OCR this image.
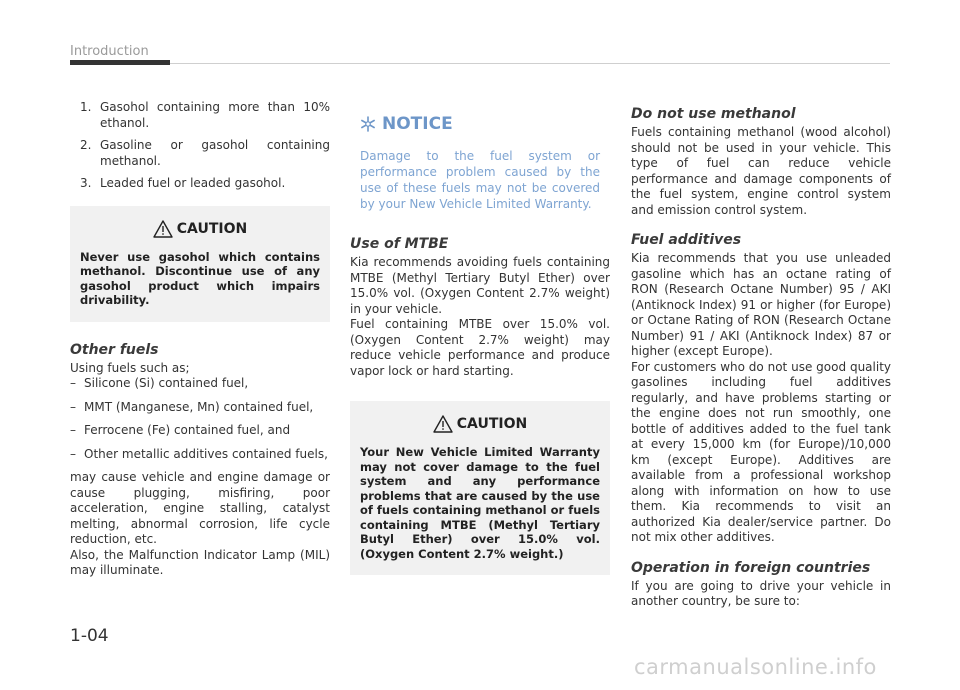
Introduction
1. Gasohol containing more than 10% ethanol.
2. Gasoline or gasohol containing methanol.
3. Leaded fuel or leaded gasohol.
CAUTION
Never use gasohol which contains methanol. Discontinue use of any gasohol product which impairs drivability.
Other fuels
Using fuels such as;
– Silicone (Si) contained fuel,
– MMT (Manganese, Mn) contained fuel,
– Ferrocene (Fe) contained fuel, and
– Other metallic additives contained fuels,

may cause vehicle and engine damage or cause plugging, misfiring, poor acceleration, engine stalling, catalyst melting, abnormal corrosion, life cycle reduction, etc.

Also, the Malfunction Indicator Lamp (MIL) may illuminate.

NOTICE
Damage to the fuel system or performance problem caused by the use of these fuels may not be covered by your New Vehicle Limited Warranty.
Use of MTBE

Kia recommends avoiding fuels containing MTBE (Methyl Tertiary Butyl Ether) over 15.0% vol. (Oxygen Content 2.7% weight) in your vehicle.

Fuel containing MTBE over 15.0% vol. (Oxygen Content 2.7% weight) may reduce vehicle performance and produce vapor lock or hard starting.

CAUTION
Your New Vehicle Limited Warranty may not cover damage to the fuel system and any performance problems that are caused by the use of fuels containing methanol or fuels containing MTBE (Methyl Tertiary Butyl Ether) over 15.0% vol. (Oxygen Content 2.7% weight.)
Do not use methanol
Fuels containing methanol (wood alcohol) should not be used in your vehicle. This type of fuel can reduce vehicle performance and damage components of the fuel system, engine control system and emission control system.
Fuel additives

Kia recommends that you use unleaded gasoline which has an octane rating of RON (Research Octane Number) 95 / AKI (Antiknock Index) 91 or higher (for Europe) or Octane Rating of RON (Research Octane Number) 91 / AKI (Antiknock Index) 87 or higher (except Europe).

For customers who do not use good quality gasolines including fuel additives regularly, and have problems starting or the engine does not run smoothly, one bottle of additives added to the fuel tank at every 15,000 km (for Europe)/10,000 km (except Europe). Additives are available from a professional workshop along with information on how to use them. Kia recommends to visit an authorized Kia dealer/service partner. Do not mix other additives.

Operation in foreign countries
If you are going to drive your vehicle in another country, be sure to:
1-04
carmanualsonline.info
